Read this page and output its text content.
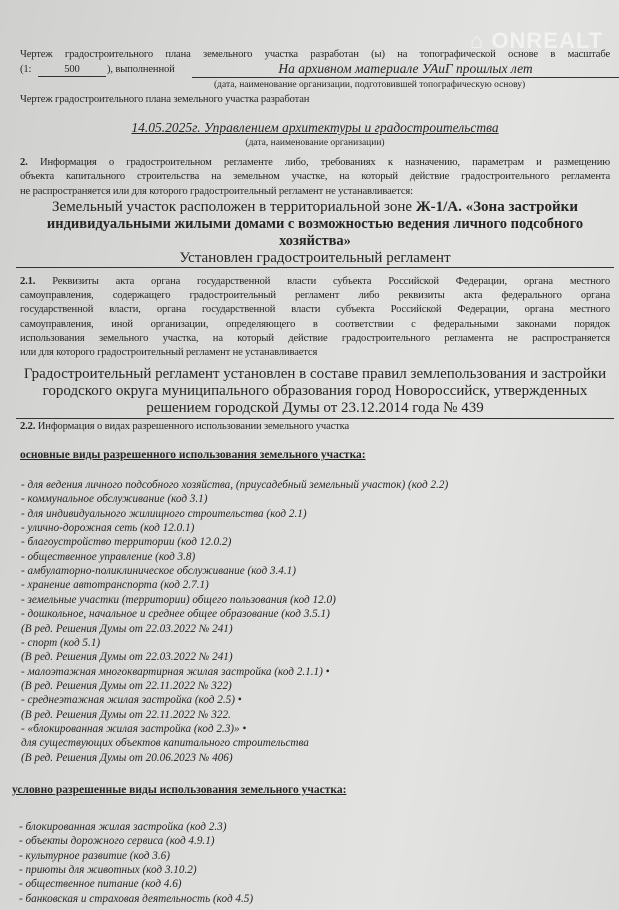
⌂ ONREALT
Чертеж градостроительного плана земельного участка разработан (ы) на топографической основе в масштабе
(1:	500	), выполненной	На архивном материале УАиГ прошлых лет
(дата, наименование организации, подготовившей топографическую основу)
Чертеж градостроительного плана земельного участка разработан
14.05.2025г. Управлением архитектуры и градостроительства
(дата, наименование организации)
2. Информация о градостроительном регламенте либо, требованиях к назначению, параметрам и размещению
объекта капитального строительства на земельном участке, на который действие градостроительного регламента
не распространяется или для которого градостроительный регламент не устанавливается:
Земельный участок расположен в территориальной зоне Ж-1/А. «Зона застройки
индивидуальными жилыми домами с возможностью ведения личного подсобного
хозяйства»
Установлен градостроительный регламент
2.1. Реквизиты акта органа государственной власти субъекта Российской Федерации, органа местного
самоуправления, содержащего градостроительный регламент либо реквизиты акта федерального органа
государственной власти, органа государственной власти субъекта Российской Федерации, органа местного
самоуправления, иной организации, определяющего в соответствии с федеральными законами порядок
использования земельного участка, на который действие градостроительного регламента не распространяется
или для которого градостроительный регламент не устанавливается
Градостроительный регламент установлен в составе правил землепользования и застройки
городского округа муниципального образования город Новороссийск, утвержденных
решением городской Думы от 23.12.2014 года № 439
2.2. Информация о видах разрешенного использовании земельного участка
основные виды разрешенного использования земельного участка:
- для ведения личного подсобного хозяйства, (приусадебный земельный участок) (код 2.2)
- коммунальное обслуживание (код 3.1)
- для индивидуального жилищного строительства (код 2.1)
- улично-дорожная сеть (код 12.0.1)
- благоустройство территории (код 12.0.2)
- общественное управление (код 3.8)
- амбулаторно-поликлиническое обслуживание (код 3.4.1)
- хранение автотранспорта (код 2.7.1)
- земельные участки (территории) общего пользования (код 12.0)
- дошкольное, начальное и среднее общее образование (код 3.5.1)
(В ред. Решения Думы от 22.03.2022 № 241)
- спорт (код 5.1)
(В ред. Решения Думы от 22.03.2022 № 241)
- малоэтажная многоквартирная жилая застройка (код 2.1.1) •
(В ред. Решения Думы от 22.11.2022 № 322)
- среднеэтажная жилая застройка (код 2.5) •
(В ред. Решения Думы от 22.11.2022 № 322.
- «блокированная жилая застройка (код 2.3)» •
для существующих объектов капитального строительства
(В ред. Решения Думы от 20.06.2023 № 406)
условно разрешенные виды использования земельного участка:
- блокированная жилая застройка (код 2.3)
- объекты дорожного сервиса (код 4.9.1)
- культурное развитие (код 3.6)
- приюты для животных (код 3.10.2)
- общественное питание (код 4.6)
- банковская и страховая деятельность (код 4.5)
